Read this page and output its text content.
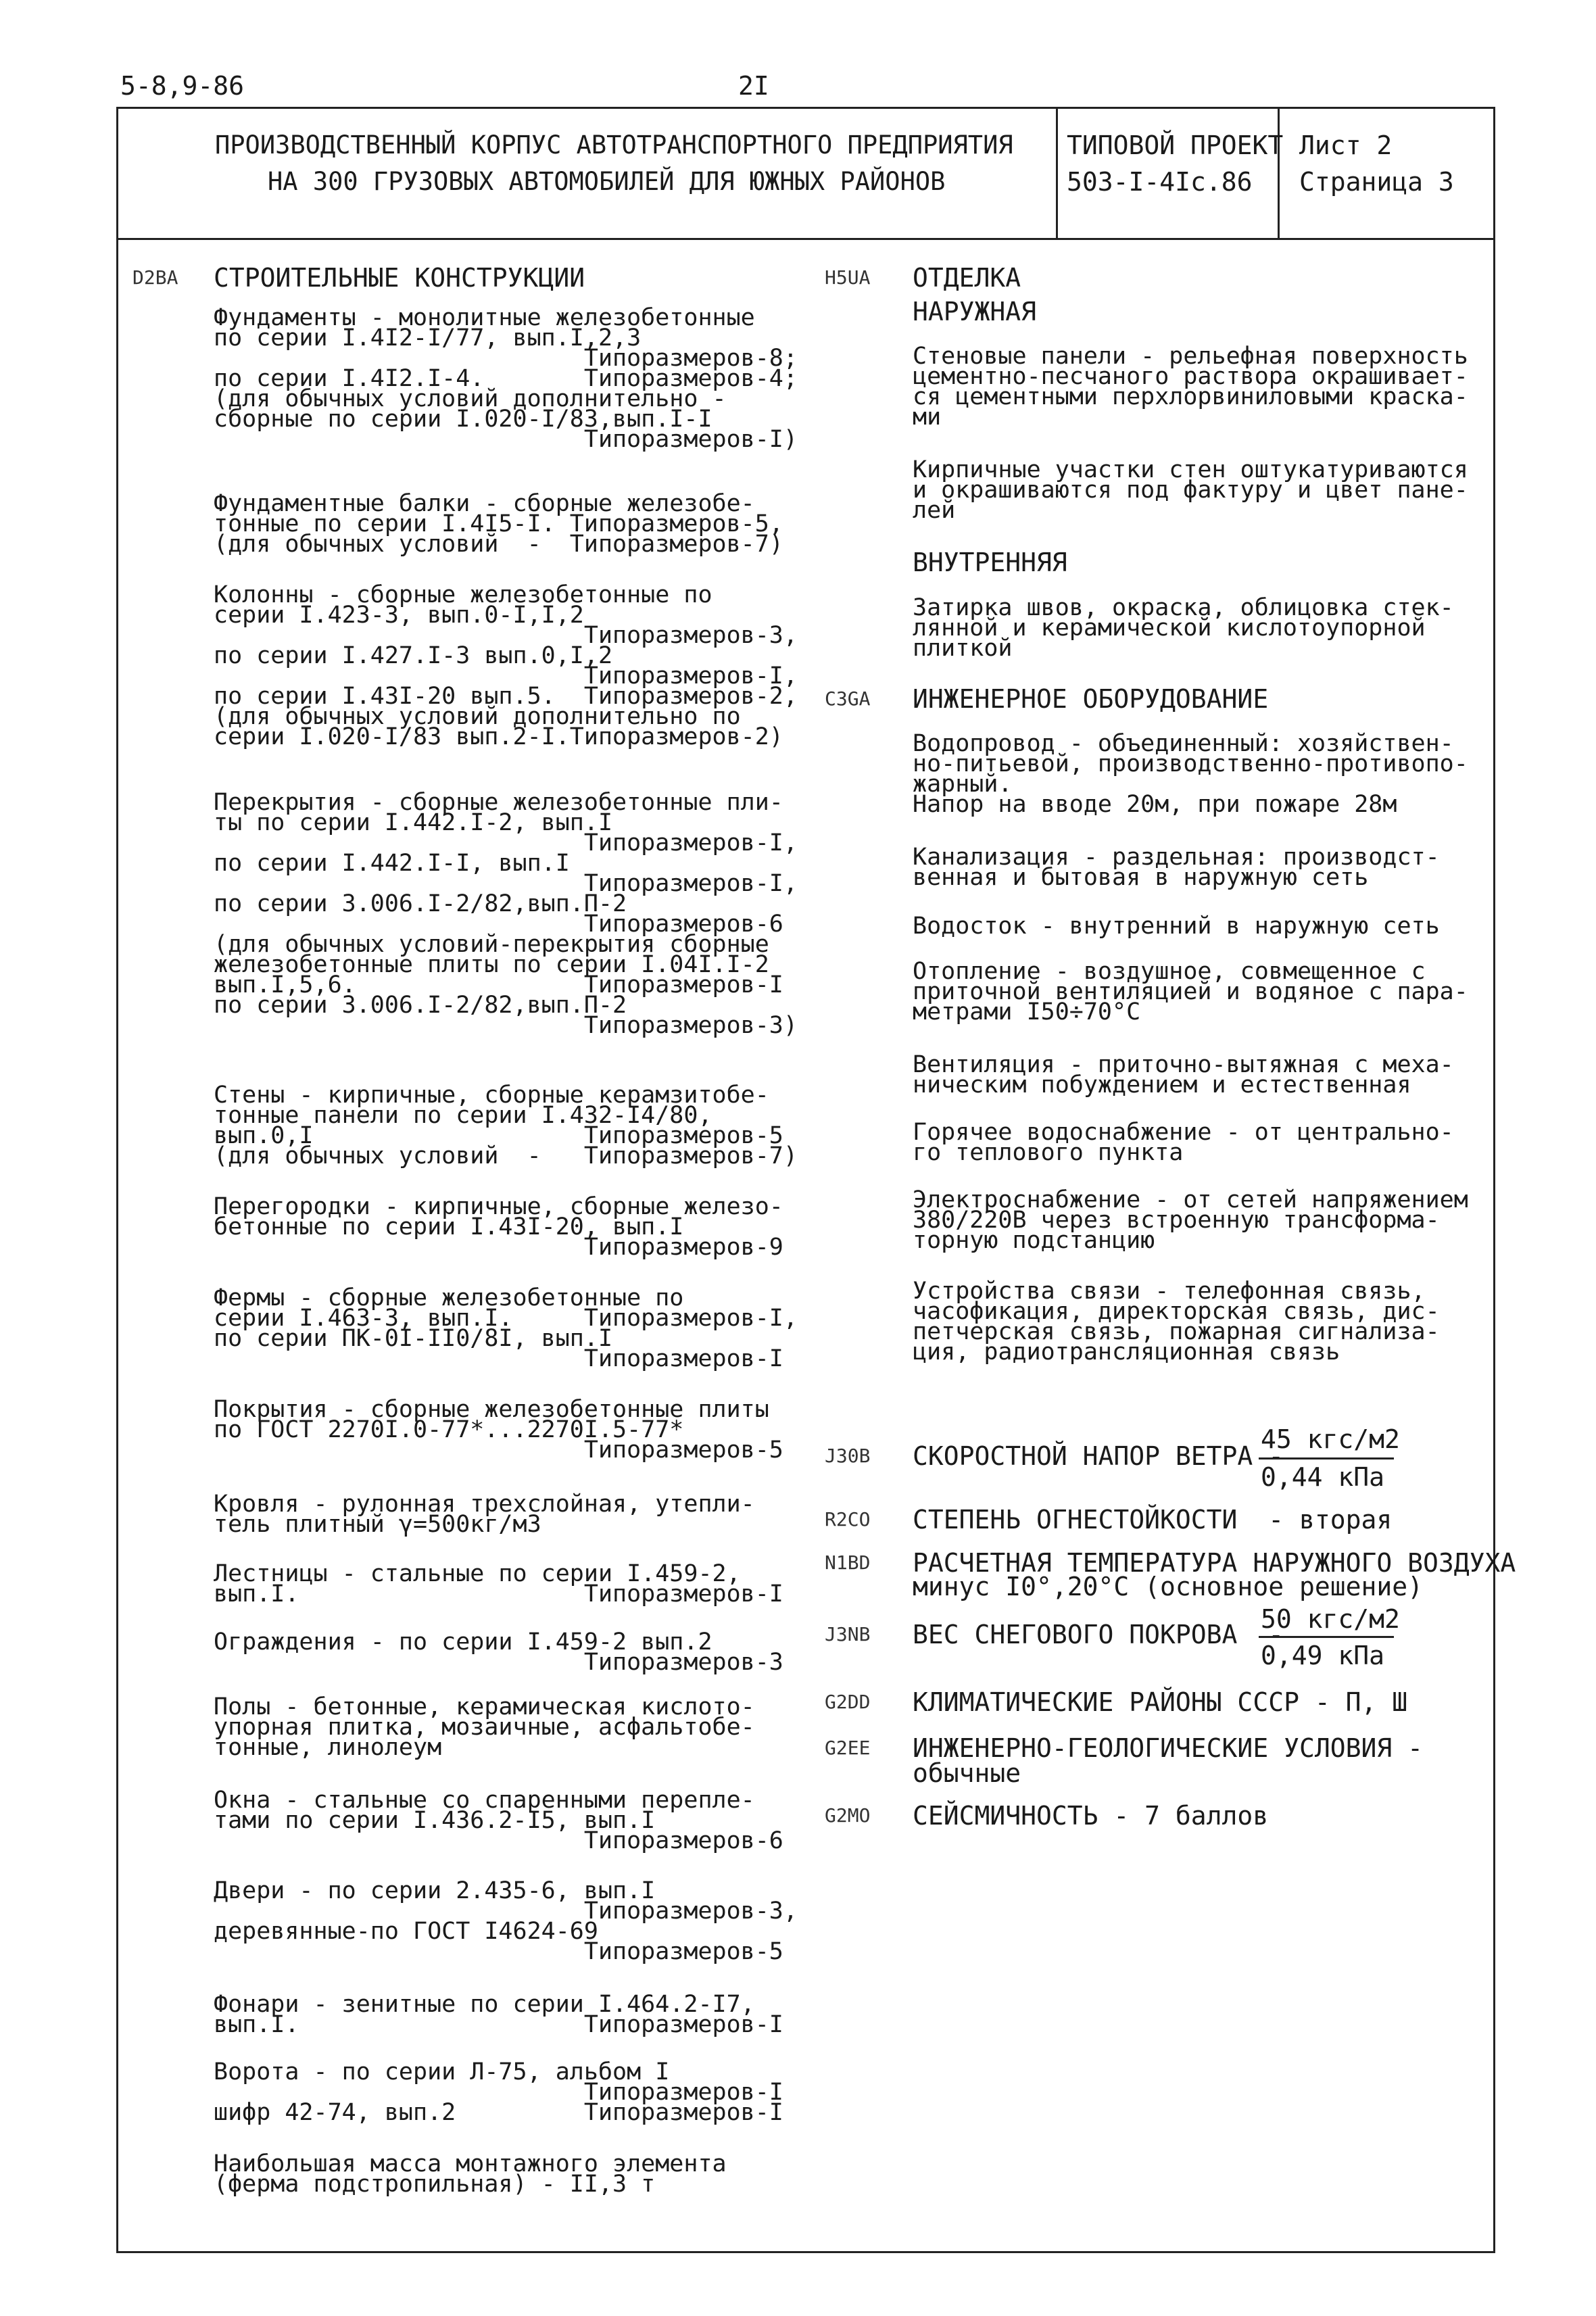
5-8,9-86	2I
ПРОИЗВОДСТВЕННЫЙ КОРПУС АВТОТРАНСПОРТНОГО ПРЕДПРИЯТИЯ
НА 300 ГРУЗОВЫХ АВТОМОБИЛЕЙ ДЛЯ ЮЖНЫХ РАЙОНОВ
ТИПОВОЙ ПРОЕКТ
503-I-4Ic.86
Лист 2
Страница 3
D2BA СТРОИТЕЛЬНЫЕ КОНСТРУКЦИИ
Фундаменты - монолитные железобетонные
по серии I.4I2-I/77, вып.I,2,3
Типоразмеров-8;
по серии I.4I2.I-4.       Типоразмеров-4;
(для обычных условий дополнительно -
сборные по серии I.020-I/83,вып.I-I
Типоразмеров-I)
Фундаментные балки - сборные железобе-
тонные по серии I.4I5-I. Типоразмеров-5,
(для обычных условий  -  Типоразмеров-7)
Колонны - сборные железобетонные по
серии I.423-3, вып.0-I,I,2
Типоразмеров-3,
по серии I.427.I-3 вып.0,I,2
Типоразмеров-I,
по серии I.43I-20 вып.5.  Типоразмеров-2,
(для обычных условий дополнительно по
серии I.020-I/83 вып.2-I.Типоразмеров-2)
Перекрытия - сборные железобетонные пли-
ты по серии I.442.I-2, вып.I
Типоразмеров-I,
по серии I.442.I-I, вып.I
Типоразмеров-I,
по серии 3.006.I-2/82,вып.П-2
Типоразмеров-6
(для обычных условий-перекрытия сборные
железобетонные плиты по серии I.04I.I-2
вып.I,5,6.                Типоразмеров-I
по серии 3.006.I-2/82,вып.П-2
Типоразмеров-3)
Стены - кирпичные, сборные керамзитобе-
тонные панели по серии I.432-I4/80,
вып.0,I                   Типоразмеров-5
(для обычных условий  -   Типоразмеров-7)
Перегородки - кирпичные, сборные железо-
бетонные по серии I.43I-20, вып.I
Типоразмеров-9
Фермы - сборные железобетонные по
серии I.463-3, вып.I.     Типоразмеров-I,
по серии ПК-0I-II0/8I, вып.I
Типоразмеров-I
Покрытия - сборные железобетонные плиты
по ГОСТ 2270I.0-77*...2270I.5-77*
Типоразмеров-5
Кровля - рулонная трехслойная, утепли-
тель плитный γ=500кг/м3
Лестницы - стальные по серии I.459-2,
вып.I.                    Типоразмеров-I
Ограждения - по серии I.459-2 вып.2
Типоразмеров-3
Полы - бетонные, керамическая кислото-
упорная плитка, мозаичные, асфальтобе-
тонные, линолеум
Окна - стальные со спаренными перепле-
тами по серии I.436.2-I5, вып.I
Типоразмеров-6
Двери - по серии 2.435-6, вып.I
Типоразмеров-3,
деревянные-по ГОСТ I4624-69
Типоразмеров-5
Фонари - зенитные по серии I.464.2-I7,
вып.I.                    Типоразмеров-I
Ворота - по серии Л-75, альбом I
Типоразмеров-I
шифр 42-74, вып.2         Типоразмеров-I
Наибольшая масса монтажного элемента
(ферма подстропильная) - II,3 т
H5UA ОТДЕЛКА
НАРУЖНАЯ
Стеновые панели - рельефная поверхность
цементно-песчаного раствора окрашивает-
ся цементными перхлорвиниловыми краска-
ми
Кирпичные участки стен оштукатуриваются
и окрашиваются под фактуру и цвет пане-
лей
ВНУТРЕННЯЯ
Затирка швов, окраска, облицовка стек-
лянной и керамической кислотоупорной
плиткой
C3GA ИНЖЕНЕРНОЕ ОБОРУДОВАНИЕ
Водопровод - объединенный: хозяйствен-
но-питьевой, производственно-противопо-
жарный.
Напор на вводе 20м, при пожаре 28м
Канализация - раздельная: производст-
венная и бытовая в наружную сеть
Водосток - внутренний в наружную сеть
Отопление - воздушное, совмещенное с
приточной вентиляцией и водяное с пара-
метрами I50÷70°С
Вентиляция - приточно-вытяжная с меха-
ническим побуждением и естественная
Горячее водоснабжение - от центрально-
го теплового пункта
Электроснабжение - от сетей напряжением
380/220В через встроенную трансформа-
торную подстанцию
Устройства связи - телефонная связь,
часофикация, директорская связь, дис-
петчерская связь, пожарная сигнализа-
ция, радиотрансляционная связь
J30B СКОРОСТНОЙ НАПОР ВЕТРА -
45 кгс/м2
0,44 кПа
R2CO СТЕПЕНЬ ОГНЕСТОЙКОСТИ  - вторая
N1BD РАСЧЕТНАЯ ТЕМПЕРАТУРА НАРУЖНОГО ВОЗДУХА
минус I0°,20°С (основное решение)
J3NB ВЕС СНЕГОВОГО ПОКРОВА  -
50 кгс/м2
0,49 кПа
G2DD КЛИМАТИЧЕСКИЕ РАЙОНЫ СССР - П, Ш
G2EE ИНЖЕНЕРНО-ГЕОЛОГИЧЕСКИЕ УСЛОВИЯ -
обычные
G2MO СЕЙСМИЧНОСТЬ - 7 баллов
